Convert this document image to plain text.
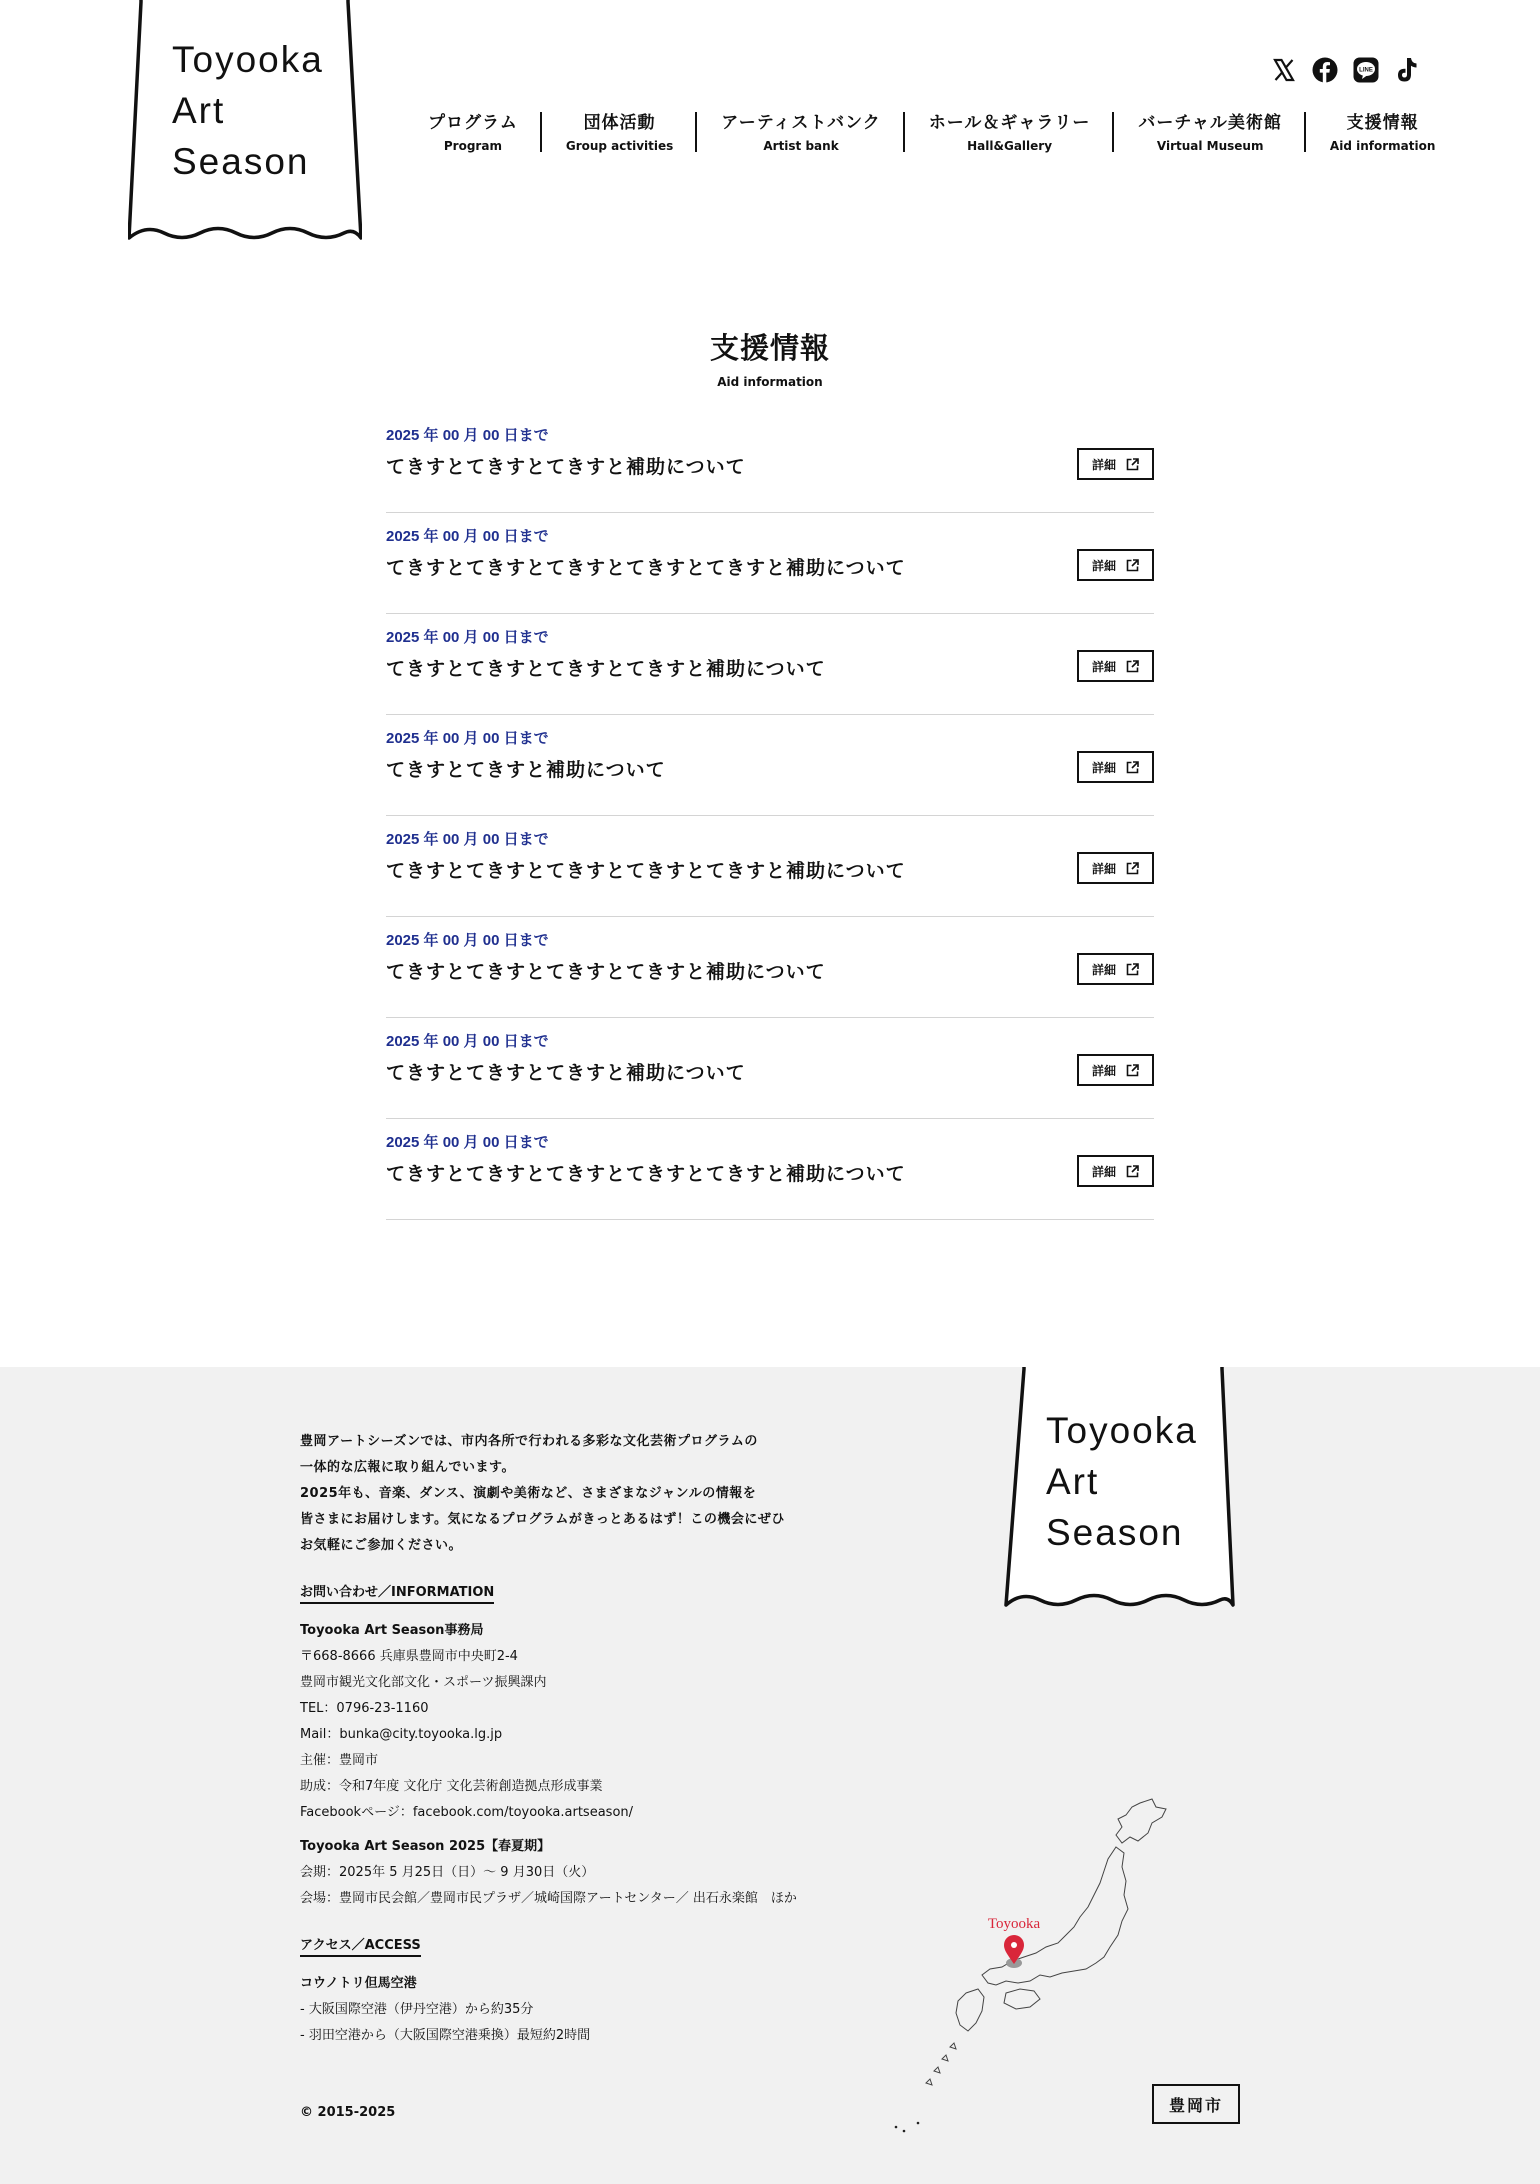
Toyooka
Art
Season
LINE
プログラム
Program
団体活動
Group activities
アーティストバンク
Artist bank
ホール＆ギャラリー
Hall&Gallery
バーチャル美術館
Virtual Museum
支援情報
Aid information
支援情報
Aid information
2025 年 00 月 00 日まで
てきすとてきすとてきすと補助について	詳細
2025 年 00 月 00 日まで
てきすとてきすとてきすとてきすとてきすと補助について	詳細
2025 年 00 月 00 日まで
てきすとてきすとてきすとてきすと補助について	詳細
2025 年 00 月 00 日まで
てきすとてきすと補助について	詳細
2025 年 00 月 00 日まで
てきすとてきすとてきすとてきすとてきすと補助について	詳細
2025 年 00 月 00 日まで
てきすとてきすとてきすとてきすと補助について	詳細
2025 年 00 月 00 日まで
てきすとてきすとてきすと補助について	詳細
2025 年 00 月 00 日まで
てきすとてきすとてきすとてきすとてきすと補助について	詳細

豊岡アートシーズンでは、市内各所で行われる多彩な文化芸術プログラムの

一体的な広報に取り組んでいます。

2025年も、音楽、ダンス、演劇や美術など、さまざまなジャンルの情報を

皆さまにお届けします。気になるプログラムがきっとあるはず！この機会にぜひ

お気軽にご参加ください。

お問い合わせ／INFORMATION
Toyooka Art Season事務局
〒668-8666 兵庫県豊岡市中央町2-4
豊岡市観光文化部文化・スポーツ振興課内
TEL：0796-23-1160
Mail：bunka@city.toyooka.lg.jp
主催：豊岡市
助成：令和7年度 文化庁 文化芸術創造拠点形成事業
Facebookページ：facebook.com/toyooka.artseason/
Toyooka Art Season 2025【春夏期】
会期：2025年 5 月25日（日）～ 9 月30日（火）
会場：豊岡市民会館／豊岡市民プラザ／城崎国際アートセンター／ 出石永楽館　ほか
アクセス／ACCESS
コウノトリ但馬空港
- 大阪国際空港（伊丹空港）から約35分
- 羽田空港から（大阪国際空港乗換）最短約2時間
© 2015-2025
Toyooka
Art
Season
Toyooka
豊岡市
